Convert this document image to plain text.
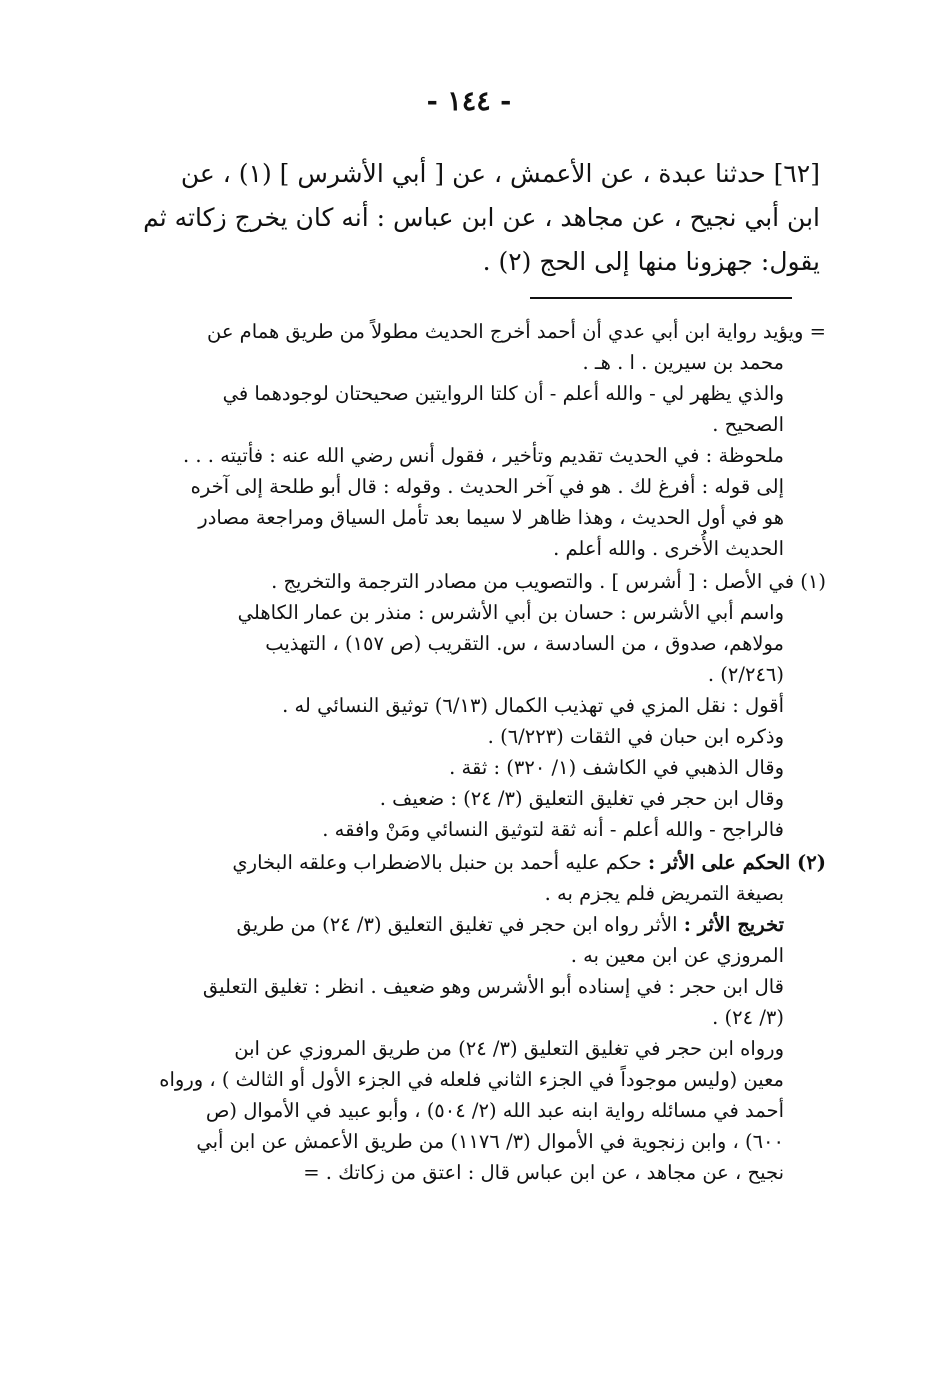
- ١٤٤ -

[٦٢] حدثنا عبدة ، عن الأعمش ، عن [ أبي الأشرس ] (١) ، عن

ابن أبي نجيح ، عن مجاهد ، عن ابن عباس : أنه كان يخرج زكاته ثم

يقول: جهزونا منها إلى الحج (٢) .

= ويؤيد رواية ابن أبي عدي أن أحمد أخرج الحديث مطولاً من طريق همام عن
محمد بن سيرين . ا . هـ .
والذي يظهر لي - والله أعلم - أن كلتا الروايتين صحيحتان لوجودهما في
الصحيح .
ملحوظة : في الحديث تقديم وتأخير ، فقول أنس رضي الله عنه : فأتيته . . .
إلى قوله : أفرغ لك . هو في آخر الحديث . وقوله : قال أبو طلحة إلى آخره
هو في أول الحديث ، وهذا ظاهر لا سيما بعد تأمل السياق ومراجعة مصادر
الحديث الأُخرى . والله أعلم .
(١) في الأصل : [ أشرس ] . والتصويب من مصادر الترجمة والتخريج .
واسم أبي الأشرس : حسان بن أبي الأشرس : منذر بن عمار الكاهلي
مولاهم، صدوق ، من السادسة ، س. التقريب (ص ١٥٧) ، التهذيب
(٢/٢٤٦) .
أقول : نقل المزي في تهذيب الكمال (٦/١٣) توثيق النسائي له .
وذكره ابن حبان في الثقات (٦/٢٢٣) .
وقال الذهبي في الكاشف (١/ ٣٢٠) : ثقة .
وقال ابن حجر في تغليق التعليق (٣/ ٢٤) : ضعيف .
فالراجح - والله أعلم - أنه ثقة لتوثيق النسائي ومَنْ وافقه .
(٢) الحكم على الأثر : حكم عليه أحمد بن حنبل بالاضطراب وعلقه البخاري
بصيغة التمريض فلم يجزم به .
تخريج الأثر : الأثر رواه ابن حجر في تغليق التعليق (٣/ ٢٤) من طريق
المروزي عن ابن معين به .
قال ابن حجر : في إسناده أبو الأشرس وهو ضعيف . انظر : تغليق التعليق
(٣/ ٢٤) .
ورواه ابن حجر في تغليق التعليق (٣/ ٢٤) من طريق المروزي عن ابن
معين (وليس موجوداً في الجزء الثاني فلعله في الجزء الأول أو الثالث ) ، ورواه
أحمد في مسائله رواية ابنه عبد الله (٢/ ٥٠٤) ، وأبو عبيد في الأموال (ص
٦٠٠) ، وابن زنجوية في الأموال (٣/ ١١٧٦) من طريق الأعمش عن ابن أبي
نجيح ، عن مجاهد ، عن ابن عباس قال : اعتق من زكاتك . =
